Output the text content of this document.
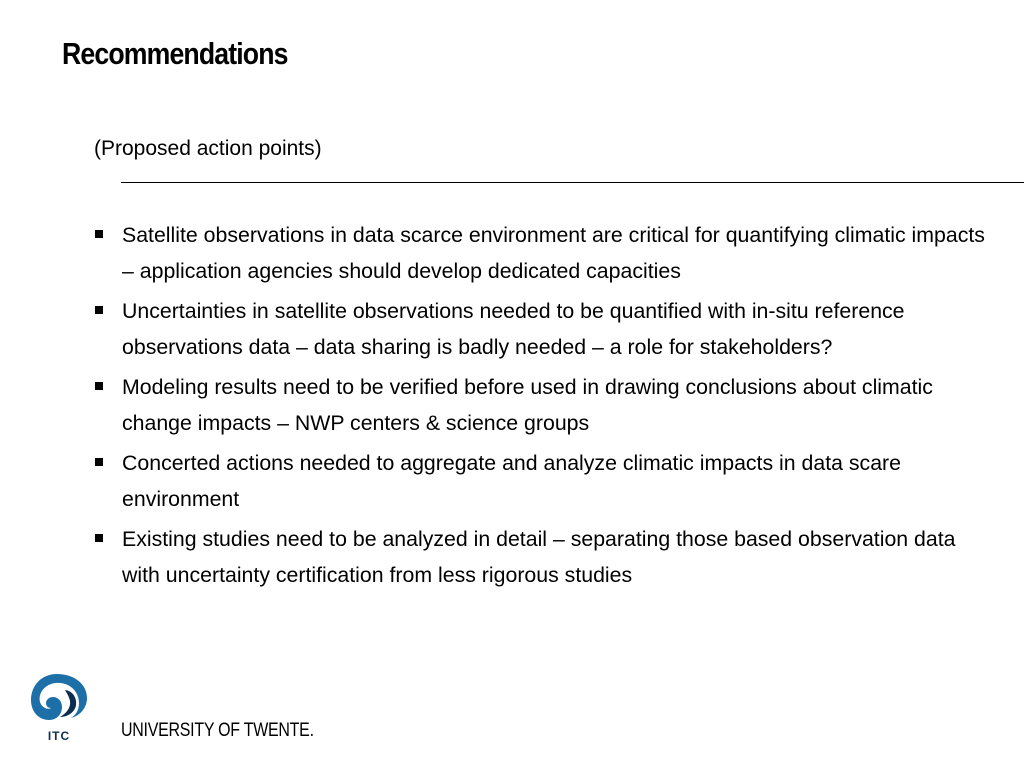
Recommendations
(Proposed action points)
Satellite observations in data scarce environment are critical for quantifying climatic impacts – application agencies should develop dedicated capacities
Uncertainties in satellite observations needed to be quantified with in-situ reference observations data – data sharing is badly needed – a role for stakeholders?
Modeling results need to be verified before used in drawing conclusions about climatic change impacts – NWP centers & science groups
Concerted actions needed to aggregate and analyze climatic impacts in data scare environment
Existing studies need to be analyzed in detail – separating those based observation data with uncertainty certification from less rigorous studies
ITC	UNIVERSITY OF TWENTE.
